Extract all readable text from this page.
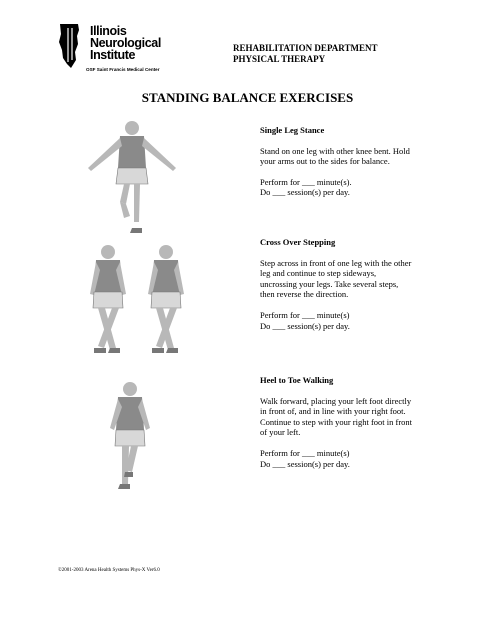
Illinois
Neurological
Institute
OSF Saint Francis Medical Center
REHABILITATION DEPARTMENT
PHYSICAL THERAPY
STANDING BALANCE EXERCISES
Single Leg Stance

Stand on one leg with other knee bent. Hold
your arms out to the sides for balance.

Perform for ___ minute(s).
Do ___ session(s) per day.

Cross Over Stepping

Step across in front of one leg with the other
leg and continue to step sideways,
uncrossing your legs. Take several steps,
then reverse the direction.

Perform for ___ minute(s)
Do ___ session(s) per day.

Heel to Toe Walking

Walk forward, placing your left foot directly
in front of, and in line with your right foot.
Continue to step with your right foot in front
of your left.

Perform for ___ minute(s)
Do ___ session(s) per day.

©2001-2003 Arena Health Systems Phys-X Ver6.0
